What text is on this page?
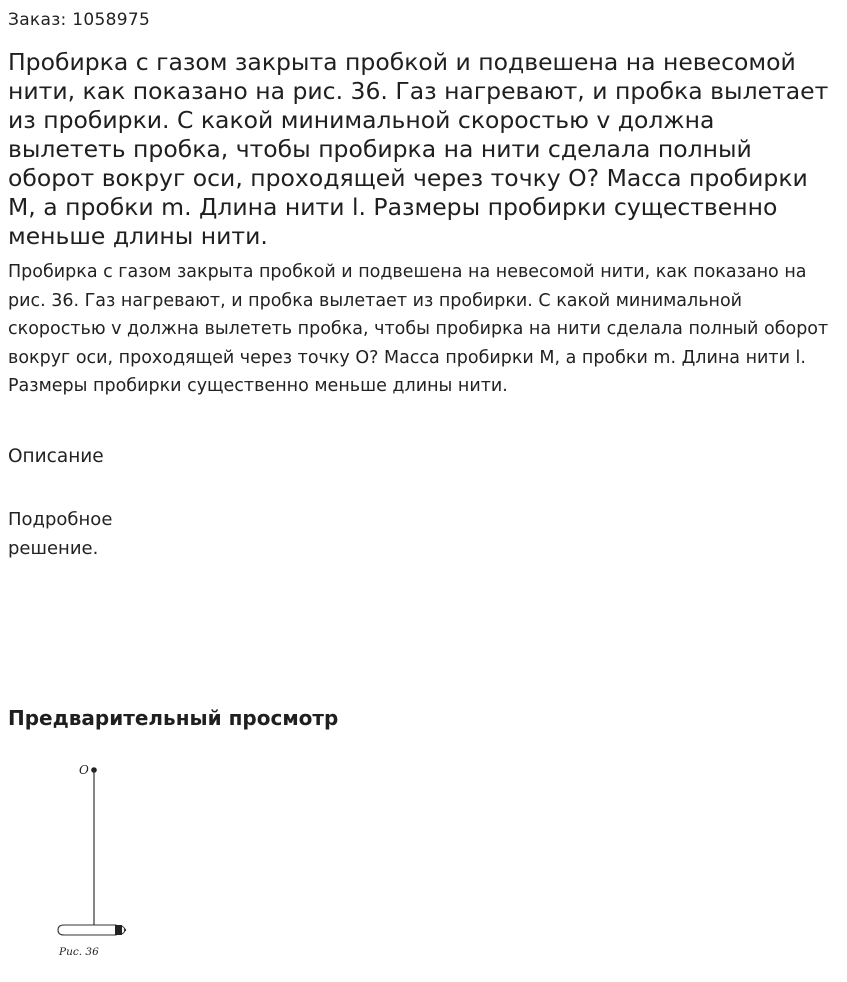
Заказ: 1058975
Пробирка с газом закрыта пробкой и подвешена на невесомой нити, как показано на рис. 36. Газ нагревают, и пробка вылетает из пробирки. С какой минимальной скоростью v должна вылететь пробка, чтобы пробирка на нити сделала полный оборот вокруг оси, проходящей через точку O? Масса пробирки M, а пробки m. Длина нити l. Размеры пробирки существенно меньше длины нити.

Пробирка с газом закрыта пробкой и подвешена на невесомой нити, как показано на рис. 36. Газ нагревают, и пробка вылетает из пробирки. С какой минимальной скоростью v должна вылететь пробка, чтобы пробирка на нити сделала полный оборот вокруг оси, проходящей через точку O? Масса пробирки M, а пробки m. Длина нити l. Размеры пробирки существенно меньше длины нити.

Описание
Подробное решение.
Предварительный просмотр
O
Рис. 36
